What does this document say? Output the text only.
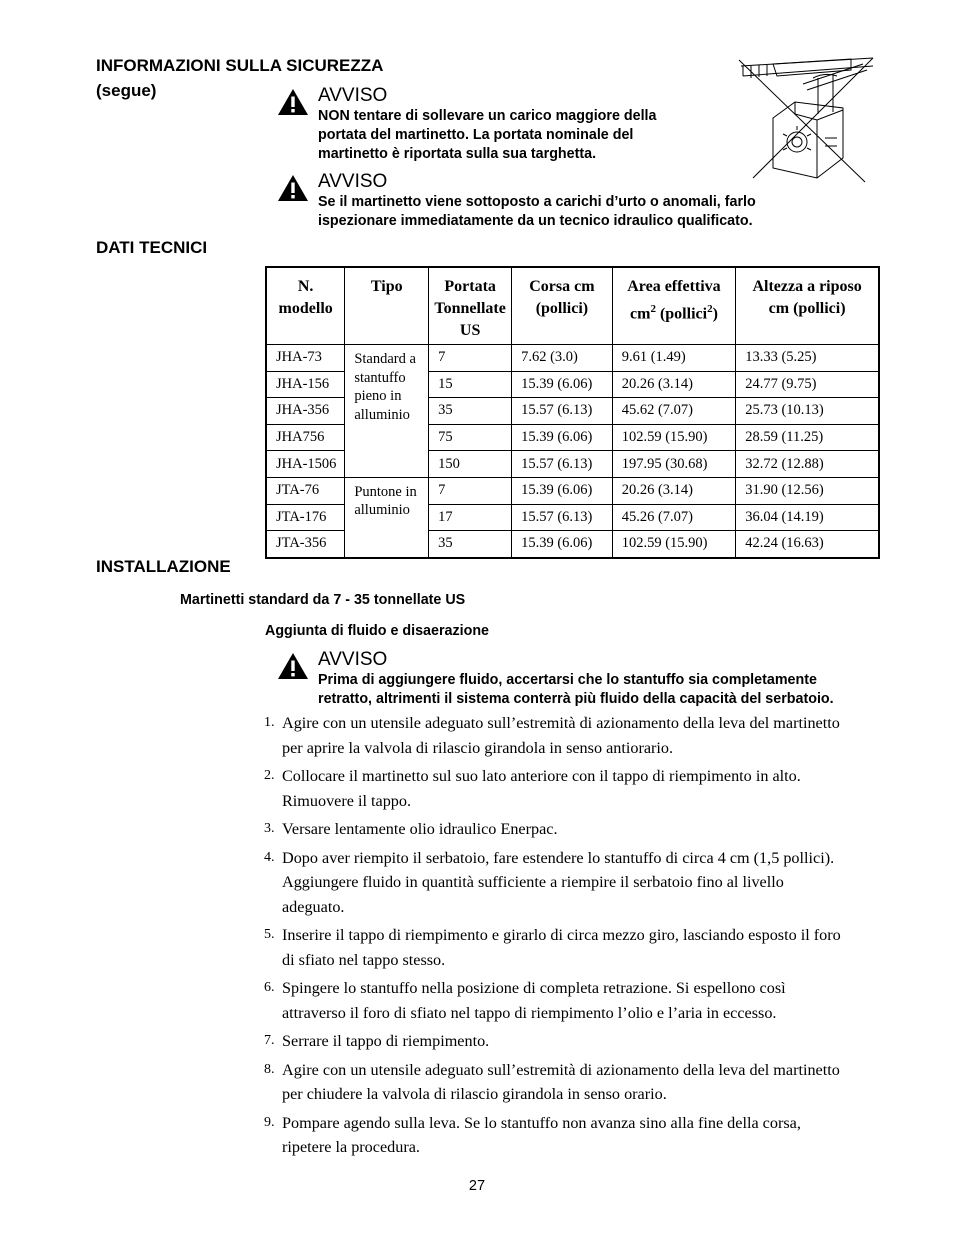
INFORMAZIONI SULLA SICUREZZA
(segue)	AVVISO
NON tentare di sollevare un carico maggiore della
portata del martinetto. La portata nominale del
martinetto è riportata sulla sua targhetta.
AVVISO
Se il martinetto viene sottoposto a carichi d’urto o anomali, farlo
ispezionare immediatamente da un tecnico idraulico qualificato.
DATI TECNICI
N.
modello	Tipo	Portata
Tonnellate
US	Corsa cm
(pollici)	Area effettiva
$cm^2$ (pollici$^2$)	Altezza a riposo
cm (pollici)
JHA-73	Standard a
stantuffo
pieno in
alluminio	7	7.62 (3.0)	9.61 (1.49)	13.33 (5.25)
JHA-156		15	15.39 (6.06)	20.26 (3.14)	24.77 (9.75)
JHA-356		35	15.57 (6.13)	45.62 (7.07)	25.73 (10.13)
JHA756		75	15.39 (6.06)	102.59 (15.90)	28.59 (11.25)
JHA-1506		150	15.57 (6.13)	197.95 (30.68)	32.72 (12.88)
JTA-76	Puntone in
alluminio	7	15.39 (6.06)	20.26 (3.14)	31.90 (12.56)
JTA-176		17	15.57 (6.13)	45.26 (7.07)	36.04 (14.19)
JTA-356		35	15.39 (6.06)	102.59 (15.90)	42.24 (16.63)
INSTALLAZIONE
Martinetti standard da 7 - 35 tonnellate US
Aggiunta di fluido e disaerazione
AVVISO
Prima di aggiungere fluido, accertarsi che lo stantuffo sia completamente
retratto, altrimenti il sistema conterrà più fluido della capacità del serbatoio.
1. Agire con un utensile adeguato sull’estremità di azionamento della leva del martinetto
per aprire la valvola di rilascio girandola in senso antiorario.
2. Collocare il martinetto sul suo lato anteriore con il tappo di riempimento in alto.
Rimuovere il tappo.
3. Versare lentamente olio idraulico Enerpac.
4. Dopo aver riempito il serbatoio, fare estendere lo stantuffo di circa 4 cm (1,5 pollici).
Aggiungere fluido in quantità sufficiente a riempire il serbatoio fino al livello
adeguato.
5. Inserire il tappo di riempimento e girarlo di circa mezzo giro, lasciando esposto il foro
di sfiato nel tappo stesso.
6. Spingere lo stantuffo nella posizione di completa retrazione. Si espellono così
attraverso il foro di sfiato nel tappo di riempimento l’olio e l’aria in eccesso.
7. Serrare il tappo di riempimento.
8. Agire con un utensile adeguato sull’estremità di azionamento della leva del martinetto
per chiudere la valvola di rilascio girandola in senso orario.
9. Pompare agendo sulla leva. Se lo stantuffo non avanza sino alla fine della corsa,
ripetere la procedura.
27
